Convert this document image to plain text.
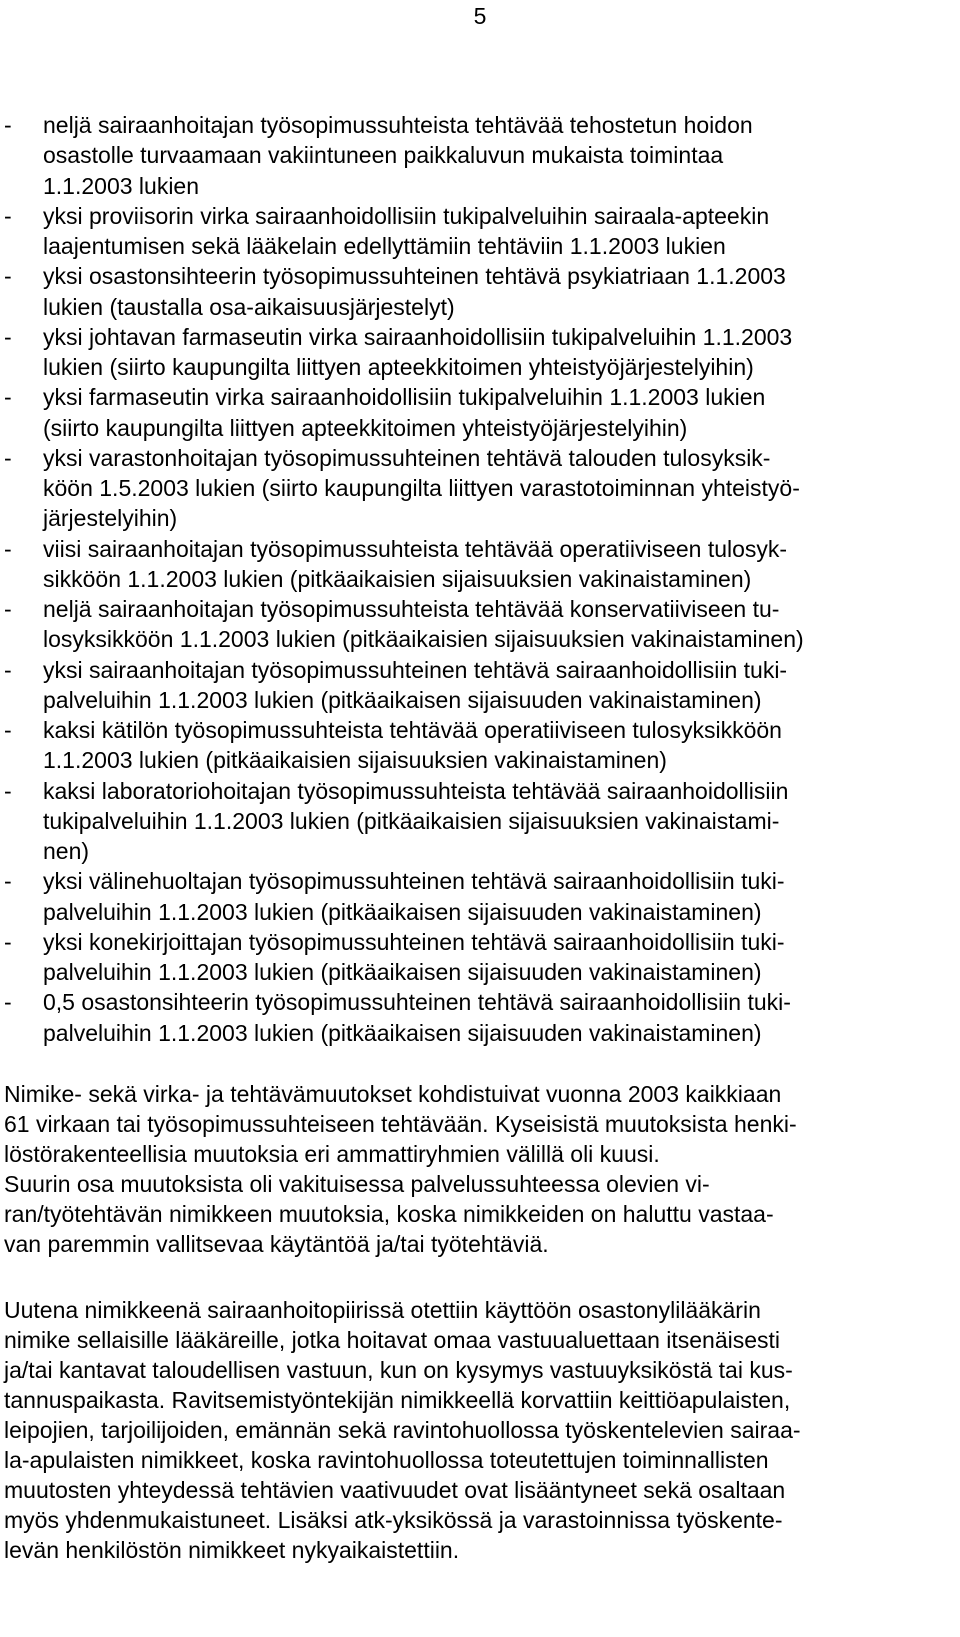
5
- neljä sairaanhoitajan työsopimussuhteista tehtävää tehostetun hoidon
osastolle turvaamaan vakiintuneen paikkaluvun mukaista toimintaa
1.1.2003 lukien
- yksi proviisorin virka sairaanhoidollisiin tukipalveluihin sairaala-apteekin
laajentumisen sekä lääkelain edellyttämiin tehtäviin 1.1.2003 lukien
- yksi osastonsihteerin työsopimussuhteinen tehtävä psykiatriaan 1.1.2003
lukien (taustalla osa-aikaisuusjärjestelyt)
- yksi johtavan farmaseutin virka sairaanhoidollisiin tukipalveluihin 1.1.2003
lukien (siirto kaupungilta liittyen apteekkitoimen yhteistyöjärjestelyihin)
- yksi farmaseutin virka sairaanhoidollisiin tukipalveluihin 1.1.2003 lukien
(siirto kaupungilta liittyen apteekkitoimen yhteistyöjärjestelyihin)
- yksi varastonhoitajan työsopimussuhteinen tehtävä talouden tulosyksik-
köön 1.5.2003 lukien (siirto kaupungilta liittyen varastotoiminnan yhteistyö-
järjestelyihin)
- viisi sairaanhoitajan työsopimussuhteista tehtävää operatiiviseen tulosyk-
sikköön 1.1.2003 lukien (pitkäaikaisien sijaisuuksien vakinaistaminen)
- neljä sairaanhoitajan työsopimussuhteista tehtävää konservatiiviseen tu-
losyksikköön 1.1.2003 lukien (pitkäaikaisien sijaisuuksien vakinaistaminen)
- yksi sairaanhoitajan työsopimussuhteinen tehtävä sairaanhoidollisiin tuki-
palveluihin 1.1.2003 lukien (pitkäaikaisen sijaisuuden vakinaistaminen)
- kaksi kätilön työsopimussuhteista tehtävää operatiiviseen tulosyksikköön
1.1.2003 lukien (pitkäaikaisien sijaisuuksien vakinaistaminen)
- kaksi laboratoriohoitajan työsopimussuhteista tehtävää sairaanhoidollisiin
tukipalveluihin 1.1.2003 lukien (pitkäaikaisien sijaisuuksien vakinaistami-
nen)
- yksi välinehuoltajan työsopimussuhteinen tehtävä sairaanhoidollisiin tuki-
palveluihin 1.1.2003 lukien (pitkäaikaisen sijaisuuden vakinaistaminen)
- yksi konekirjoittajan työsopimussuhteinen tehtävä sairaanhoidollisiin tuki-
palveluihin 1.1.2003 lukien (pitkäaikaisen sijaisuuden vakinaistaminen)
- 0,5 osastonsihteerin työsopimussuhteinen tehtävä sairaanhoidollisiin tuki-
palveluihin 1.1.2003 lukien (pitkäaikaisen sijaisuuden vakinaistaminen)
Nimike- sekä virka- ja tehtävämuutokset kohdistuivat vuonna 2003 kaikkiaan
61 virkaan tai työsopimussuhteiseen tehtävään. Kyseisistä muutoksista henki-
löstörakenteellisia muutoksia eri ammattiryhmien välillä oli kuusi.
Suurin osa muutoksista oli vakituisessa palvelussuhteessa olevien vi-
ran/työtehtävän nimikkeen muutoksia, koska nimikkeiden on haluttu vastaa-
van paremmin vallitsevaa käytäntöä ja/tai työtehtäviä.
Uutena nimikkeenä sairaanhoitopiirissä otettiin käyttöön osastonylilääkärin
nimike sellaisille lääkäreille, jotka hoitavat omaa vastuualuettaan itsenäisesti
ja/tai kantavat taloudellisen vastuun, kun on kysymys vastuuyksiköstä tai kus-
tannuspaikasta. Ravitsemistyöntekijän nimikkeellä korvattiin keittiöapulaisten,
leipojien, tarjoilijoiden, emännän sekä ravintohuollossa työskentelevien sairaa-
la-apulaisten nimikkeet, koska ravintohuollossa toteutettujen toiminnallisten
muutosten yhteydessä tehtävien vaativuudet ovat lisääntyneet sekä osaltaan
myös yhdenmukaistuneet. Lisäksi atk-yksikössä ja varastoinnissa työskente-
levän henkilöstön nimikkeet nykyaikaistettiin.
